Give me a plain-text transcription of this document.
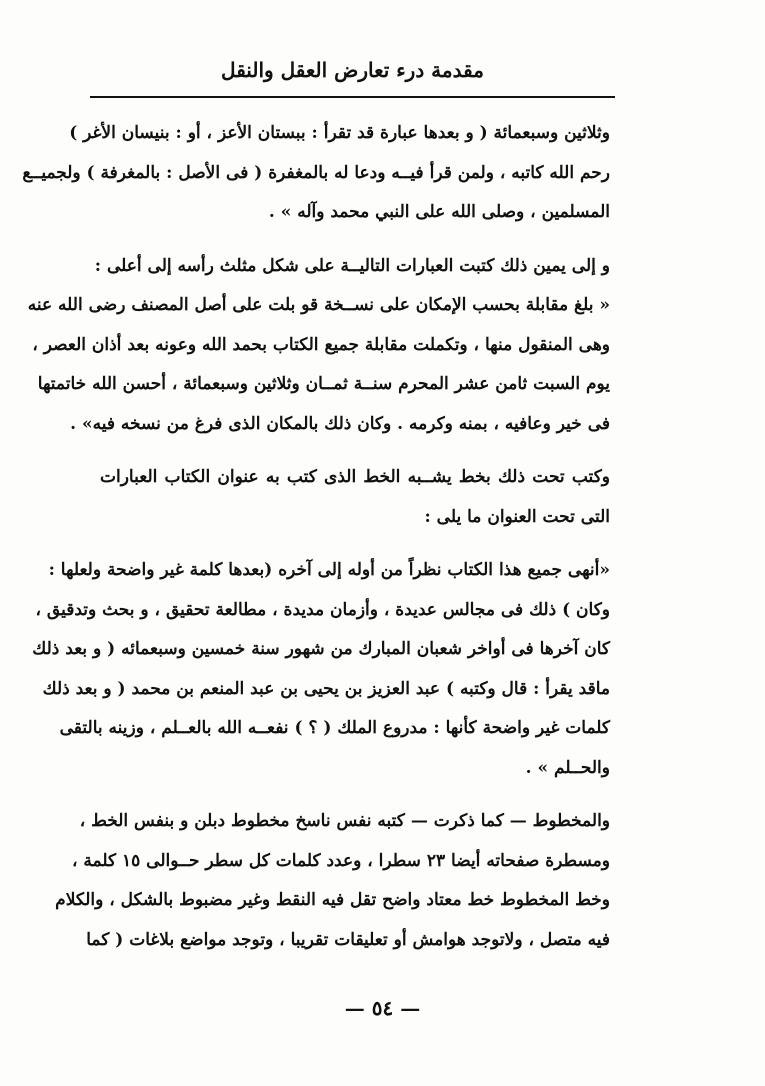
مقدمة درء تعارض العقل والنقل

وثلاثين وسبعمائة ( و بعدها عبارة قد تقرأ : ببستان الأعز ، أو : بنيسان الأغر )
رحم الله كاتبه ، ولمن قرأ فيــه ودعا له بالمغفرة ( فى الأصل : بالمغرفة ) ولجميــع
المسلمين ، وصلى الله على النبي محمد وآله » .

و إلى يمين ذلك كتبت العبارات التاليــة على شكل مثلث رأسه إلى أعلى :
« بلغ مقابلة بحسب الإمكان على نســخة قو بلت على أصل المصنف رضى الله عنه
وهى المنقول منها ، وتكملت مقابلة جميع الكتاب بحمد الله وعونه بعد أذان العصر ،
يوم السبت ثامن عشر المحرم سنــة ثمــان وثلاثين وسبعمائة ، أحسن الله خاتمتها
فى خير وعافيه ، بمنه وكرمه . وكان ذلك بالمكان الذى فرغ من نسخه فيه» .

وكتب تحت ذلك بخط يشــبه الخط الذى كتب به عنوان الكتاب العبارات
التى تحت العنوان ما يلى :

«أنهى جميع هذا الكتاب نظراً من أوله إلى آخره (بعدها كلمة غير واضحة ولعلها :
وكان ) ذلك فى مجالس عديدة ، وأزمان مديدة ، مطالعة تحقيق ، و بحث وتدقيق ،
كان آخرها فى أواخر شعبان المبارك من شهور سنة خمسين وسبعمائه ( و بعد ذلك
ماقد يقرأ : قال وكتبه ) عبد العزيز بن يحيى بن عبد المنعم بن محمد ( و بعد ذلك
كلمات غير واضحة كأنها : مدروع الملك ( ؟ ) نفعــه الله بالعــلم ، وزينه بالتقى
والحــلم » .

والمخطوط — كما ذكرت — كتبه نفس ناسخ مخطوط دبلن و بنفس الخط ،
ومسطرة صفحاته أيضا ٢٣ سطرا ، وعدد كلمات كل سطر حــوالى ١٥ كلمة ،
وخط المخطوط خط معتاد واضح تقل فيه النقط وغير مضبوط بالشكل ، والكلام
فيه متصل ، ولاتوجد هوامش أو تعليقات تقريبا ، وتوجد مواضع بلاغات ( كما

— ٥٤ —
